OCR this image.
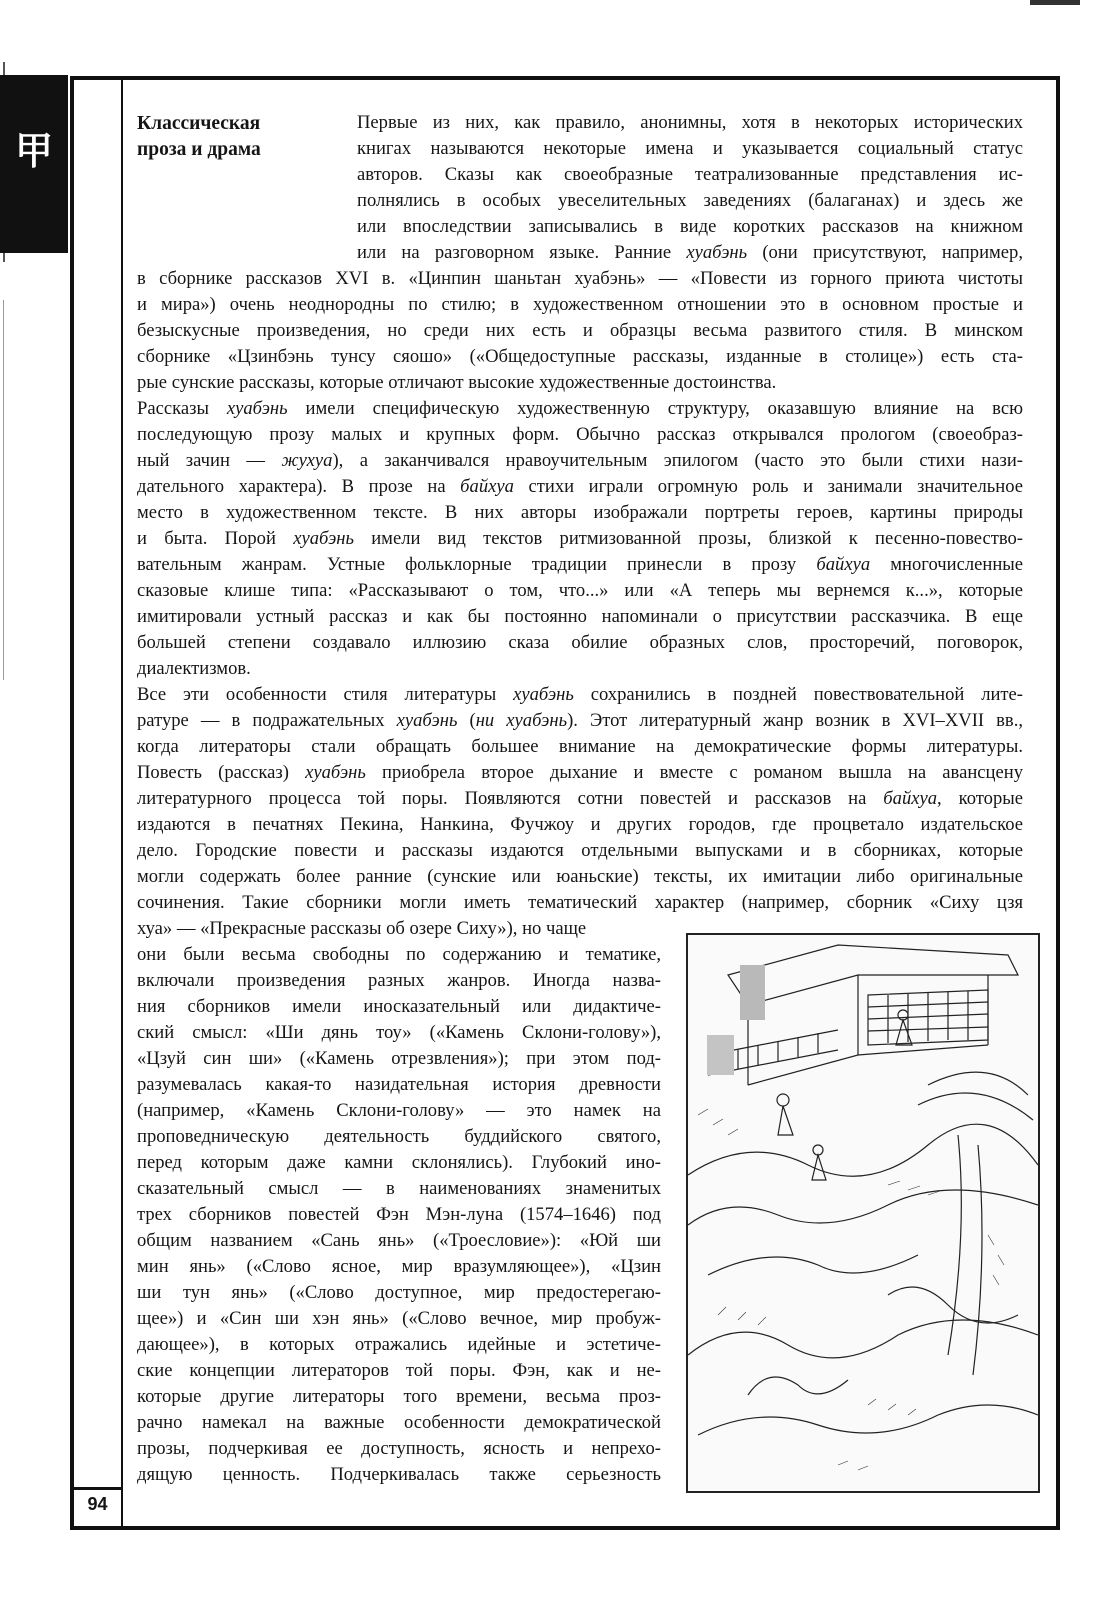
甲
94
Классическая
проза и драма
Первые из них, как правило, анонимны, хотя в некоторых исторических
книгах называются некоторые имена и указывается социальный статус
авторов. Сказы как своеобразные театрализованные представления ис-
полнялись в особых увеселительных заведениях (балаганах) и здесь же
или впоследствии записывались в виде коротких рассказов на книжном
или на разговорном языке. Ранние хуабэнь (они присутствуют, например,
в сборнике рассказов XVI в. «Цинпин шаньтан хуабэнь» — «Повести из горного приюта чистоты
и мира») очень неоднородны по стилю; в художественном отношении это в основном простые и
безыскусные произведения, но среди них есть и образцы весьма развитого стиля. В минском
сборнике «Цзинбэнь тунсу сяошо» («Общедоступные рассказы, изданные в столице») есть ста-
рые сунские рассказы, которые отличают высокие художественные достоинства.
Рассказы хуабэнь имели специфическую художественную структуру, оказавшую влияние на всю
последующую прозу малых и крупных форм. Обычно рассказ открывался прологом (своеобраз-
ный зачин — жухуа), а заканчивался нравоучительным эпилогом (часто это были стихи нази-
дательного характера). В прозе на байхуа стихи играли огромную роль и занимали значительное
место в художественном тексте. В них авторы изображали портреты героев, картины природы
и быта. Порой хуабэнь имели вид текстов ритмизованной прозы, близкой к песенно-повество-
вательным жанрам. Устные фольклорные традиции принесли в прозу байхуа многочисленные
сказовые клише типа: «Рассказывают о том, что...» или «А теперь мы вернемся к...», которые
имитировали устный рассказ и как бы постоянно напоминали о присутствии рассказчика. В еще
большей степени создавало иллюзию сказа обилие образных слов, просторечий, поговорок,
диалектизмов.
Все эти особенности стиля литературы хуабэнь сохранились в поздней повествовательной лите-
ратуре — в подражательных хуабэнь (ни хуабэнь). Этот литературный жанр возник в XVI–XVII вв.,
когда литераторы стали обращать большее внимание на демократические формы литературы.
Повесть (рассказ) хуабэнь приобрела второе дыхание и вместе с романом вышла на авансцену
литературного процесса той поры. Появляются сотни повестей и рассказов на байхуа, которые
издаются в печатнях Пекина, Нанкина, Фучжоу и других городов, где процветало издательское
дело. Городские повести и рассказы издаются отдельными выпусками и в сборниках, которые
могли содержать более ранние (сунские или юаньские) тексты, их имитации либо оригинальные
сочинения. Такие сборники могли иметь тематический характер (например, сборник «Сиху цзя
хуа» — «Прекрасные рассказы об озере Сиху»), но чаще
они были весьма свободны по содержанию и тематике,
включали произведения разных жанров. Иногда назва-
ния сборников имели иносказательный или дидактиче-
ский смысл: «Ши дянь тоу» («Камень Склони-голову»),
«Цзуй син ши» («Камень отрезвления»); при этом под-
разумевалась какая-то назидательная история древности
(например, «Камень Склони-голову» — это намек на
проповедническую деятельность буддийского святого,
перед которым даже камни склонялись). Глубокий ино-
сказательный смысл — в наименованиях знаменитых
трех сборников повестей Фэн Мэн-луна (1574–1646) под
общим названием «Сань янь» («Троесловие»): «Юй ши
мин янь» («Слово ясное, мир вразумляющее»), «Цзин
ши тун янь» («Слово доступное, мир предостерегаю-
щее») и «Син ши хэн янь» («Слово вечное, мир пробуж-
дающее»), в которых отражались идейные и эстетиче-
ские концепции литераторов той поры. Фэн, как и не-
которые другие литераторы того времени, весьма проз-
рачно намекал на важные особенности демократической
прозы, подчеркивая ее доступность, ясность и непрехо-
дящую ценность. Подчеркивалась также серьезность
